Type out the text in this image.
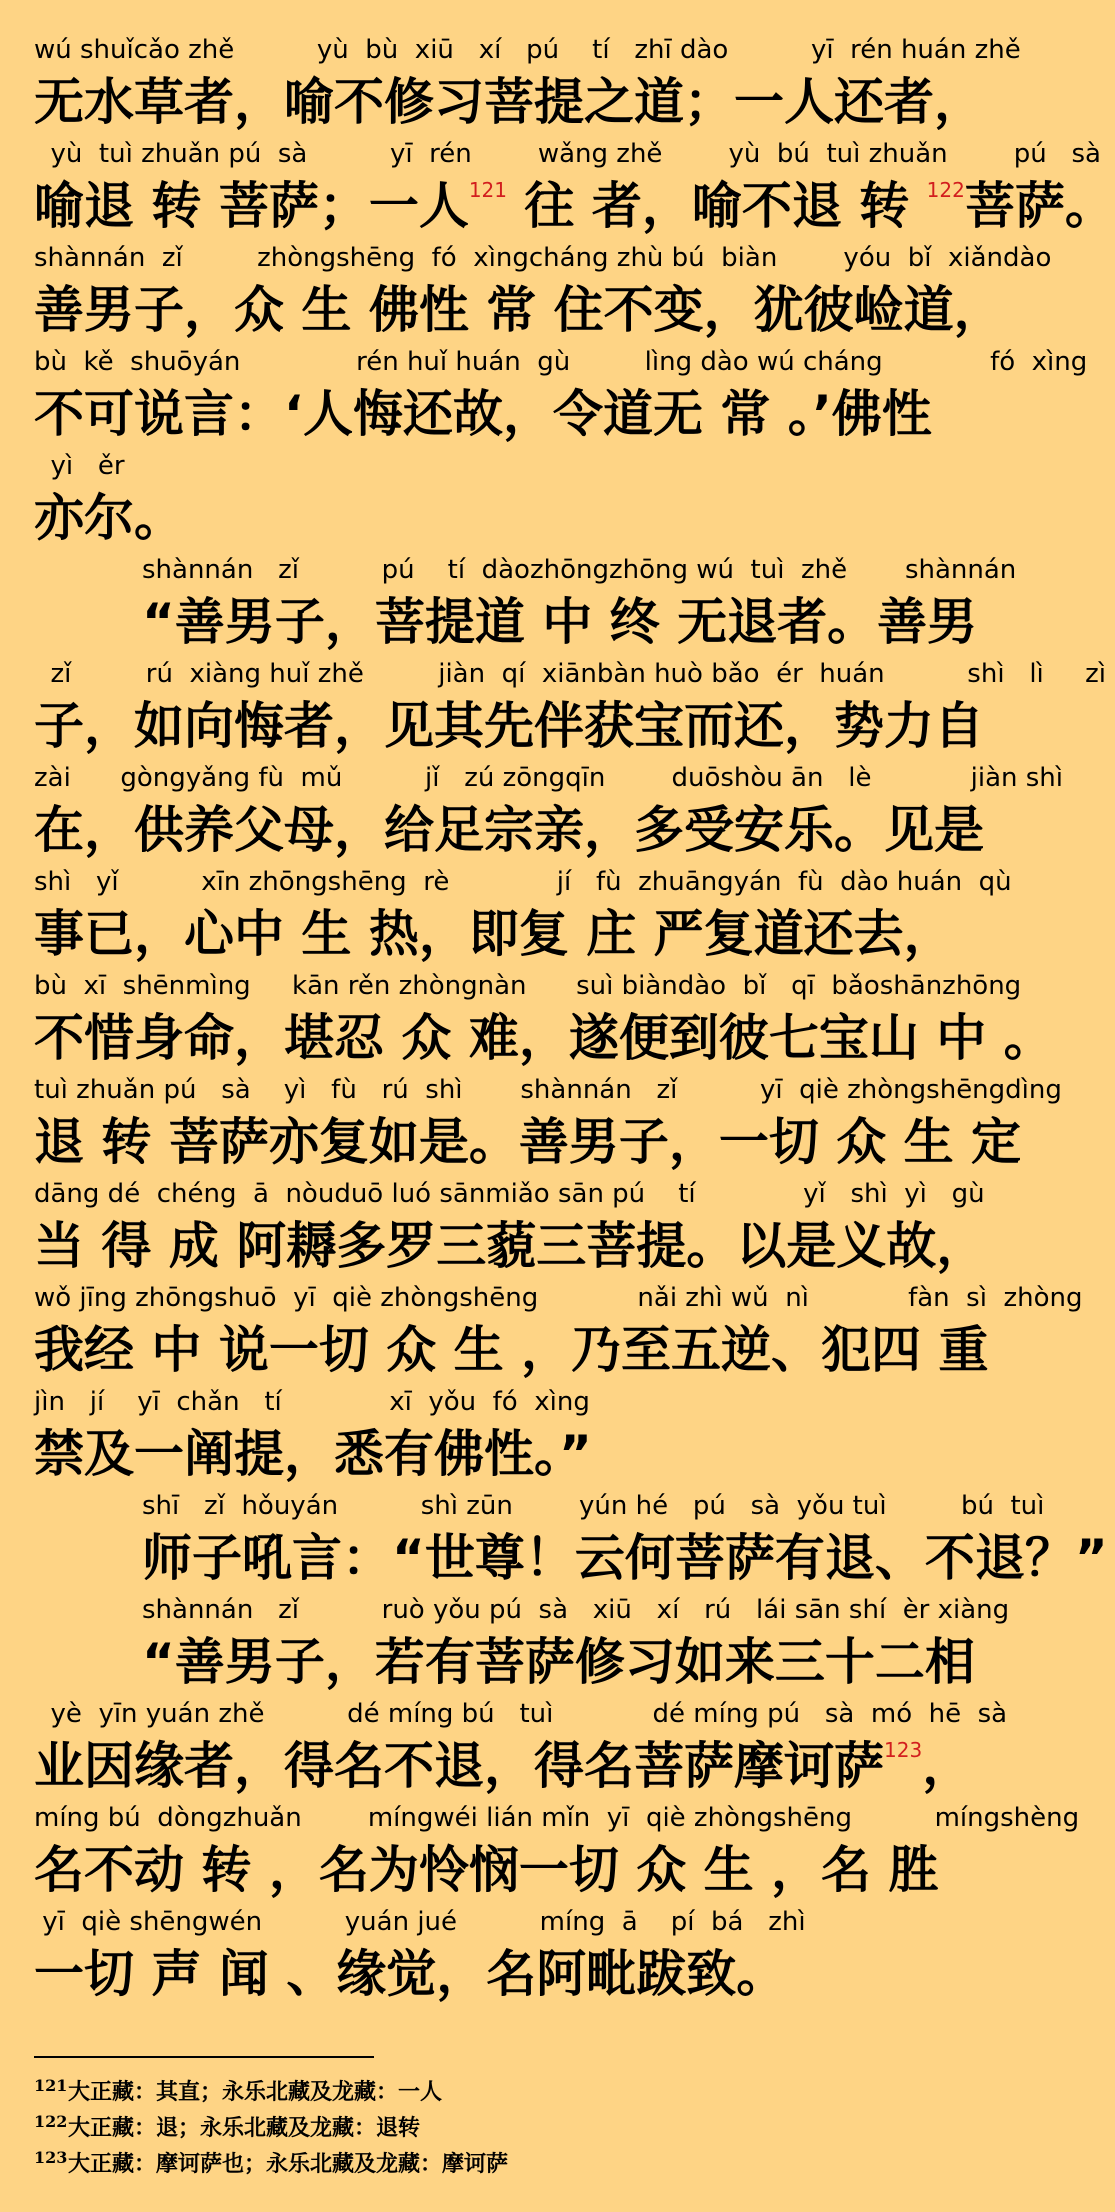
wú shuǐcǎo zhě          yù  bù  xiū   xí   pú    tí   zhī dào          yī  rén huán zhě
无水草者，喻不修习菩提之道；一人还者，
yù  tuì zhuǎn pú  sà          yī  rén        wǎng zhě        yù  bú  tuì zhuǎn        pú   sà
喻退 转 菩萨；一人$^{121}$ 往 者，喻不退 转 $^{122}$菩萨。
shànnán  zǐ         zhòngshēng  fó  xìngcháng zhù bú  biàn        yóu  bǐ  xiǎndào
善男子，众 生 佛性 常 住不变，犹彼崄道，
bù  kě  shuōyán              rén huǐ huán  gù         lìng dào wú cháng             fó  xìng
不可说言：‘人悔还故，令道无 常 。’佛性
yì   ěr
亦尔。
shànnán   zǐ          pú    tí  dàozhōngzhōng wú  tuì  zhě       shànnán
“善男子，菩提道 中 终 无退者。善男
zǐ         rú  xiàng huǐ zhě         jiàn  qí  xiānbàn huò bǎo  ér  huán          shì   lì     zì
子，如向悔者，见其先伴获宝而还，势力自
zài      gòngyǎng fù  mǔ          jǐ   zú zōngqīn        duōshòu ān   lè            jiàn shì
在，供养父母，给足宗亲，多受安乐。见是
shì   yǐ          xīn zhōngshēng  rè             jí   fù  zhuāngyán  fù  dào huán  qù
事已，心中 生 热，即复 庄 严复道还去，
bù  xī  shēnmìng     kān rěn zhòngnàn      suì biàndào  bǐ   qī  bǎoshānzhōng
不惜身命，堪忍 众 难，遂便到彼七宝山 中 。
tuì zhuǎn pú   sà    yì   fù   rú  shì       shànnán   zǐ          yī  qiè zhòngshēngdìng
退 转 菩萨亦复如是。善男子，一切 众 生 定
dāng dé  chéng  ā  nòuduō luó sānmiǎo sān pú    tí             yǐ   shì  yì   gù
当 得 成 阿耨多罗三藐三菩提。以是义故，
wǒ jīng zhōngshuō  yī  qiè zhòngshēng            nǎi zhì wǔ  nì            fàn  sì  zhòng
我经 中 说一切 众 生 ，乃至五逆、犯四 重
jìn   jí    yī  chǎn   tí             xī  yǒu  fó  xìng
禁及一阐提，悉有佛性。”
shī   zǐ  hǒuyán          shì zūn        yún hé   pú   sà  yǒu tuì         bú  tuì
师子吼言：“世尊！云何菩萨有退、不退？”
shànnán   zǐ          ruò yǒu pú  sà   xiū   xí   rú   lái sān shí  èr xiàng
“善男子，若有菩萨修习如来三十二相
yè  yīn yuán zhě          dé míng bú   tuì            dé míng pú   sà  mó  hē  sà
业因缘者，得名不退，得名菩萨摩诃萨$^{123}$，
míng bú  dòngzhuǎn        míngwéi lián mǐn  yī  qiè zhòngshēng          míngshèng
名不动 转 ，名为怜悯一切 众 生 ，名 胜
yī  qiè shēngwén          yuán jué          míng  ā    pí  bá   zhì
一切 声 闻 、缘觉，名阿毗跋致。
121大正藏：其直；永乐北藏及龙藏：一人
122大正藏：退；永乐北藏及龙藏：退转
123大正藏：摩诃萨也；永乐北藏及龙藏：摩诃萨
